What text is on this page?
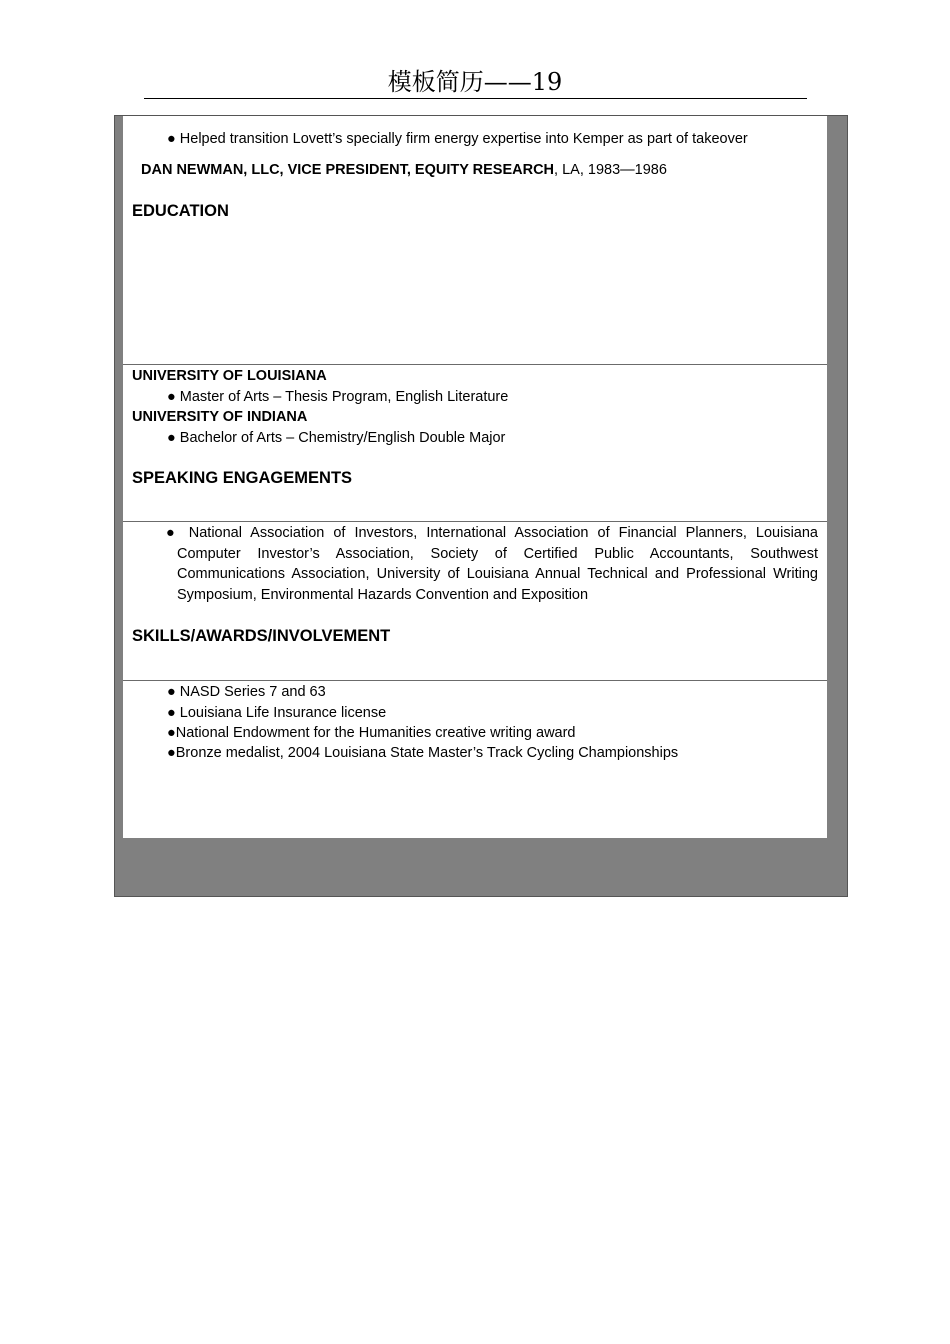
模板简历——19
● Helped transition Lovett’s specially firm energy expertise into Kemper as part of takeover
DAN NEWMAN, LLC, VICE PRESIDENT, EQUITY RESEARCH, LA, 1983—1986
EDUCATION
UNIVERSITY OF LOUISIANA
● Master of Arts – Thesis Program, English Literature
UNIVERSITY OF INDIANA
● Bachelor of Arts – Chemistry/English Double Major
SPEAKING ENGAGEMENTS
● National Association of Investors, International Association of Financial Planners, Louisiana Computer Investor’s Association, Society of Certified Public Accountants, Southwest Communications Association, University of Louisiana Annual Technical and Professional Writing Symposium, Environmental Hazards Convention and Exposition
SKILLS/AWARDS/INVOLVEMENT
● NASD Series 7 and 63
● Louisiana Life Insurance license
●National Endowment for the Humanities creative writing award
●Bronze medalist, 2004 Louisiana State Master’s Track Cycling Championships
